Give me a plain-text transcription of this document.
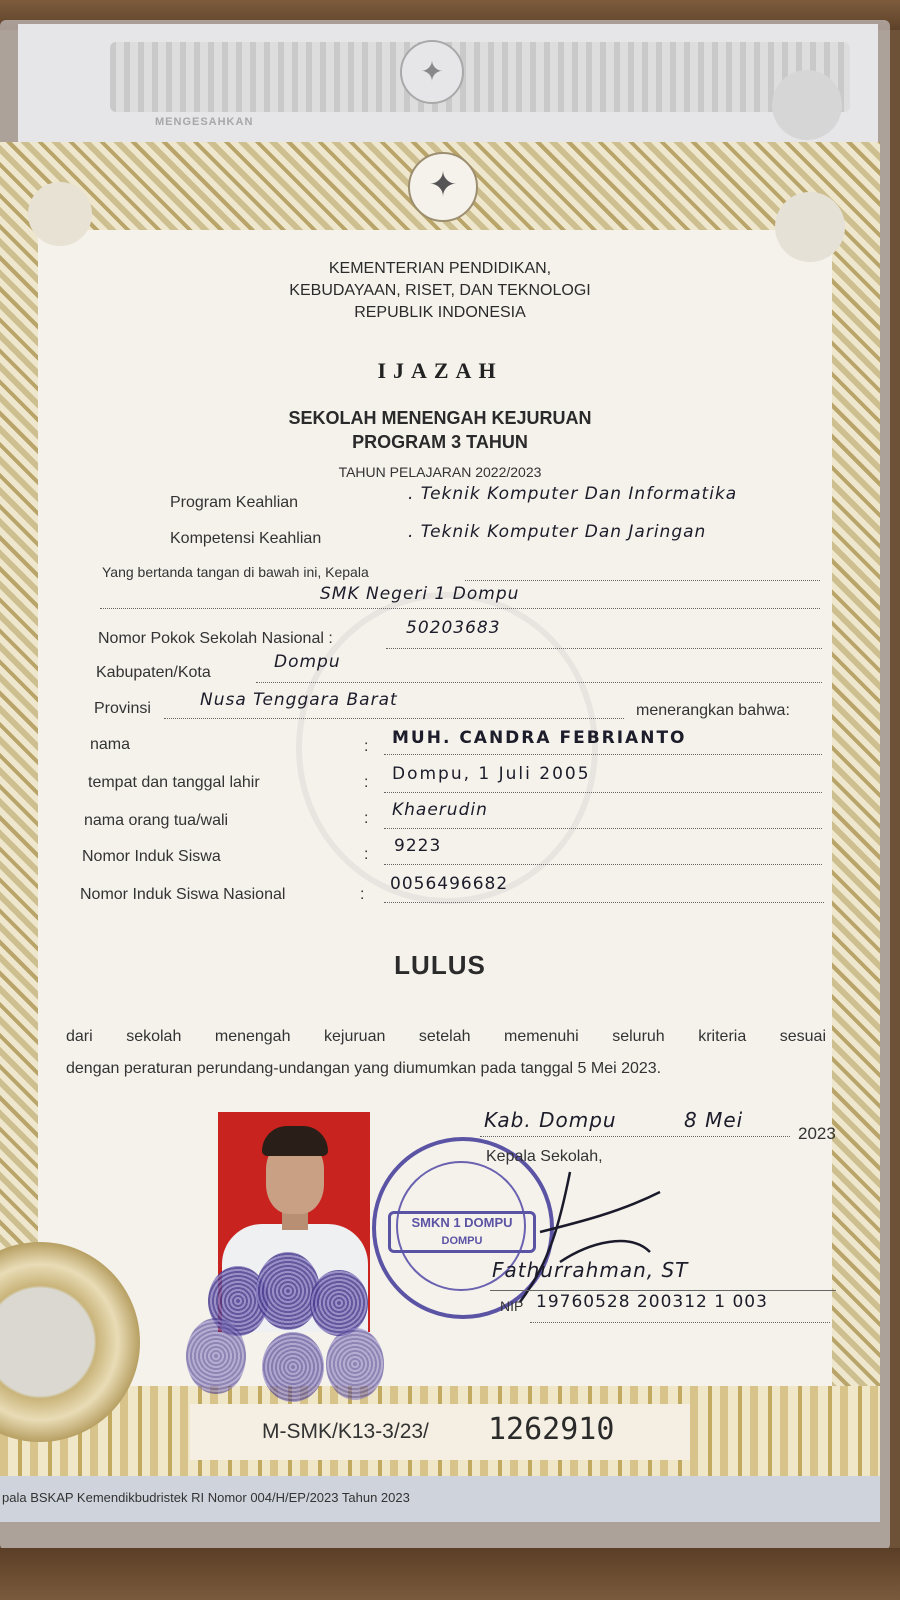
✦
MENGESAHKAN
✦
KEMENTERIAN PENDIDIKAN,
KEBUDAYAAN, RISET, DAN TEKNOLOGI
REPUBLIK INDONESIA
IJAZAH
SEKOLAH MENENGAH KEJURUAN
PROGRAM 3 TAHUN
TAHUN PELAJARAN 2022/2023
Program Keahlian	. Teknik Komputer Dan Informatika
Kompetensi Keahlian	. Teknik Komputer Dan Jaringan
Yang bertanda tangan di bawah ini, Kepala
SMK Negeri 1 Dompu
Nomor Pokok Sekolah Nasional :
50203683
Kabupaten/Kota
Dompu
Provinsi	Nusa Tenggara Barat
menerangkan bahwa:
nama	: MUH. CANDRA FEBRIANTO
tempat dan tanggal lahir	: Dompu, 1 Juli 2005
nama orang tua/wali	: Khaerudin
Nomor Induk Siswa	: 9223
Nomor Induk Siswa Nasional	:
0056496682
LULUS
dari sekolah menengah kejuruan setelah memenuhi seluruh kriteria sesuai
dengan peraturan perundang-undangan yang diumumkan pada tanggal 5 Mei 2023.
SMKN 1 DOMPU
DOMPU
Kab. Dompu	8 Mei
2023
Kepala Sekolah,
Fathurrahman, ST
NIP 19760528 200312 1 003
M-SMK/K13-3/23/ 1262910
pala BSKAP Kemendikbudristek RI Nomor 004/H/EP/2023 Tahun 2023
